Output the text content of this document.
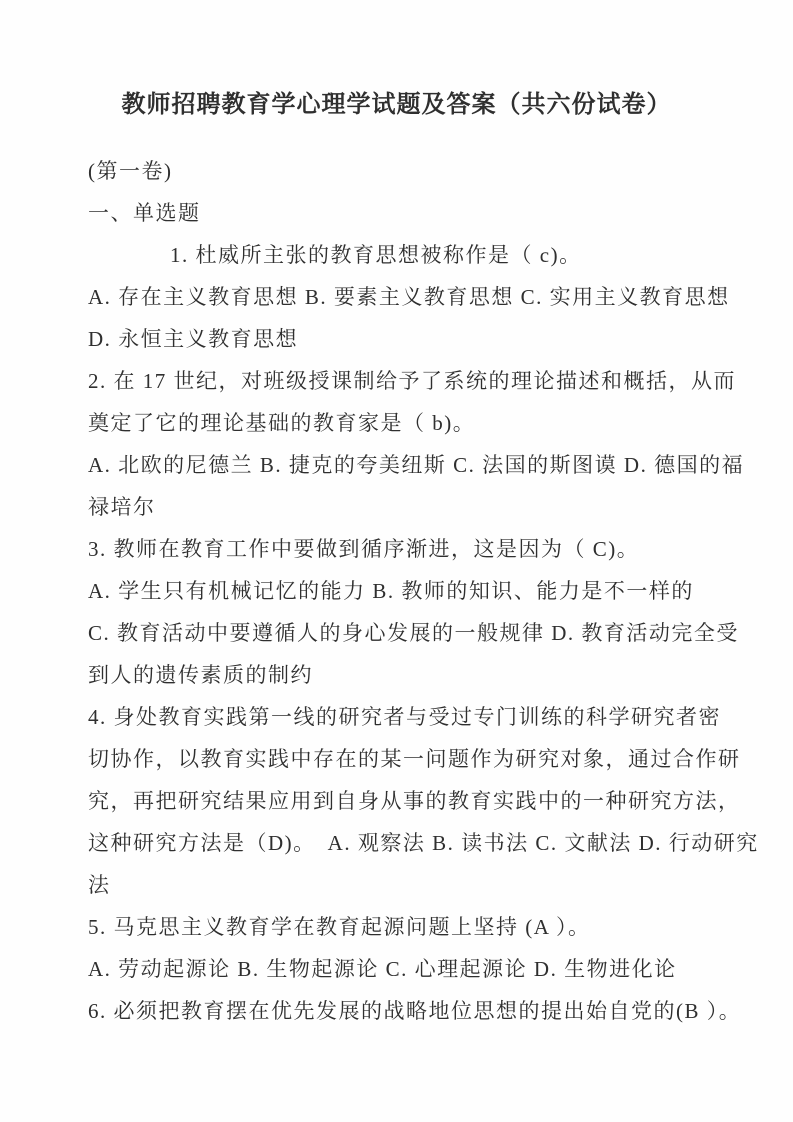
教师招聘教育学心理学试题及答案（共六份试卷）
(第一卷)
一、单选题
1. 杜威所主张的教育思想被称作是（ c)。
A. 存在主义教育思想 B. 要素主义教育思想 C. 实用主义教育思想
D. 永恒主义教育思想
2. 在 17 世纪，对班级授课制给予了系统的理论描述和概括，从而
奠定了它的理论基础的教育家是（ b)。
A. 北欧的尼德兰 B. 捷克的夸美纽斯 C. 法国的斯图谟 D. 德国的福
禄培尔
3. 教师在教育工作中要做到循序渐进，这是因为（ C)。
A. 学生只有机械记忆的能力 B. 教师的知识、能力是不一样的
C. 教育活动中要遵循人的身心发展的一般规律 D. 教育活动完全受
到人的遗传素质的制约
4. 身处教育实践第一线的研究者与受过专门训练的科学研究者密
切协作，以教育实践中存在的某一问题作为研究对象，通过合作研
究，再把研究结果应用到自身从事的教育实践中的一种研究方法，
这种研究方法是（D)。　A. 观察法 B. 读书法 C. 文献法 D. 行动研究
法
5. 马克思主义教育学在教育起源问题上坚持 (A ）。
A. 劳动起源论 B. 生物起源论 C. 心理起源论 D. 生物进化论
6. 必须把教育摆在优先发展的战略地位思想的提出始自党的(B ）。
